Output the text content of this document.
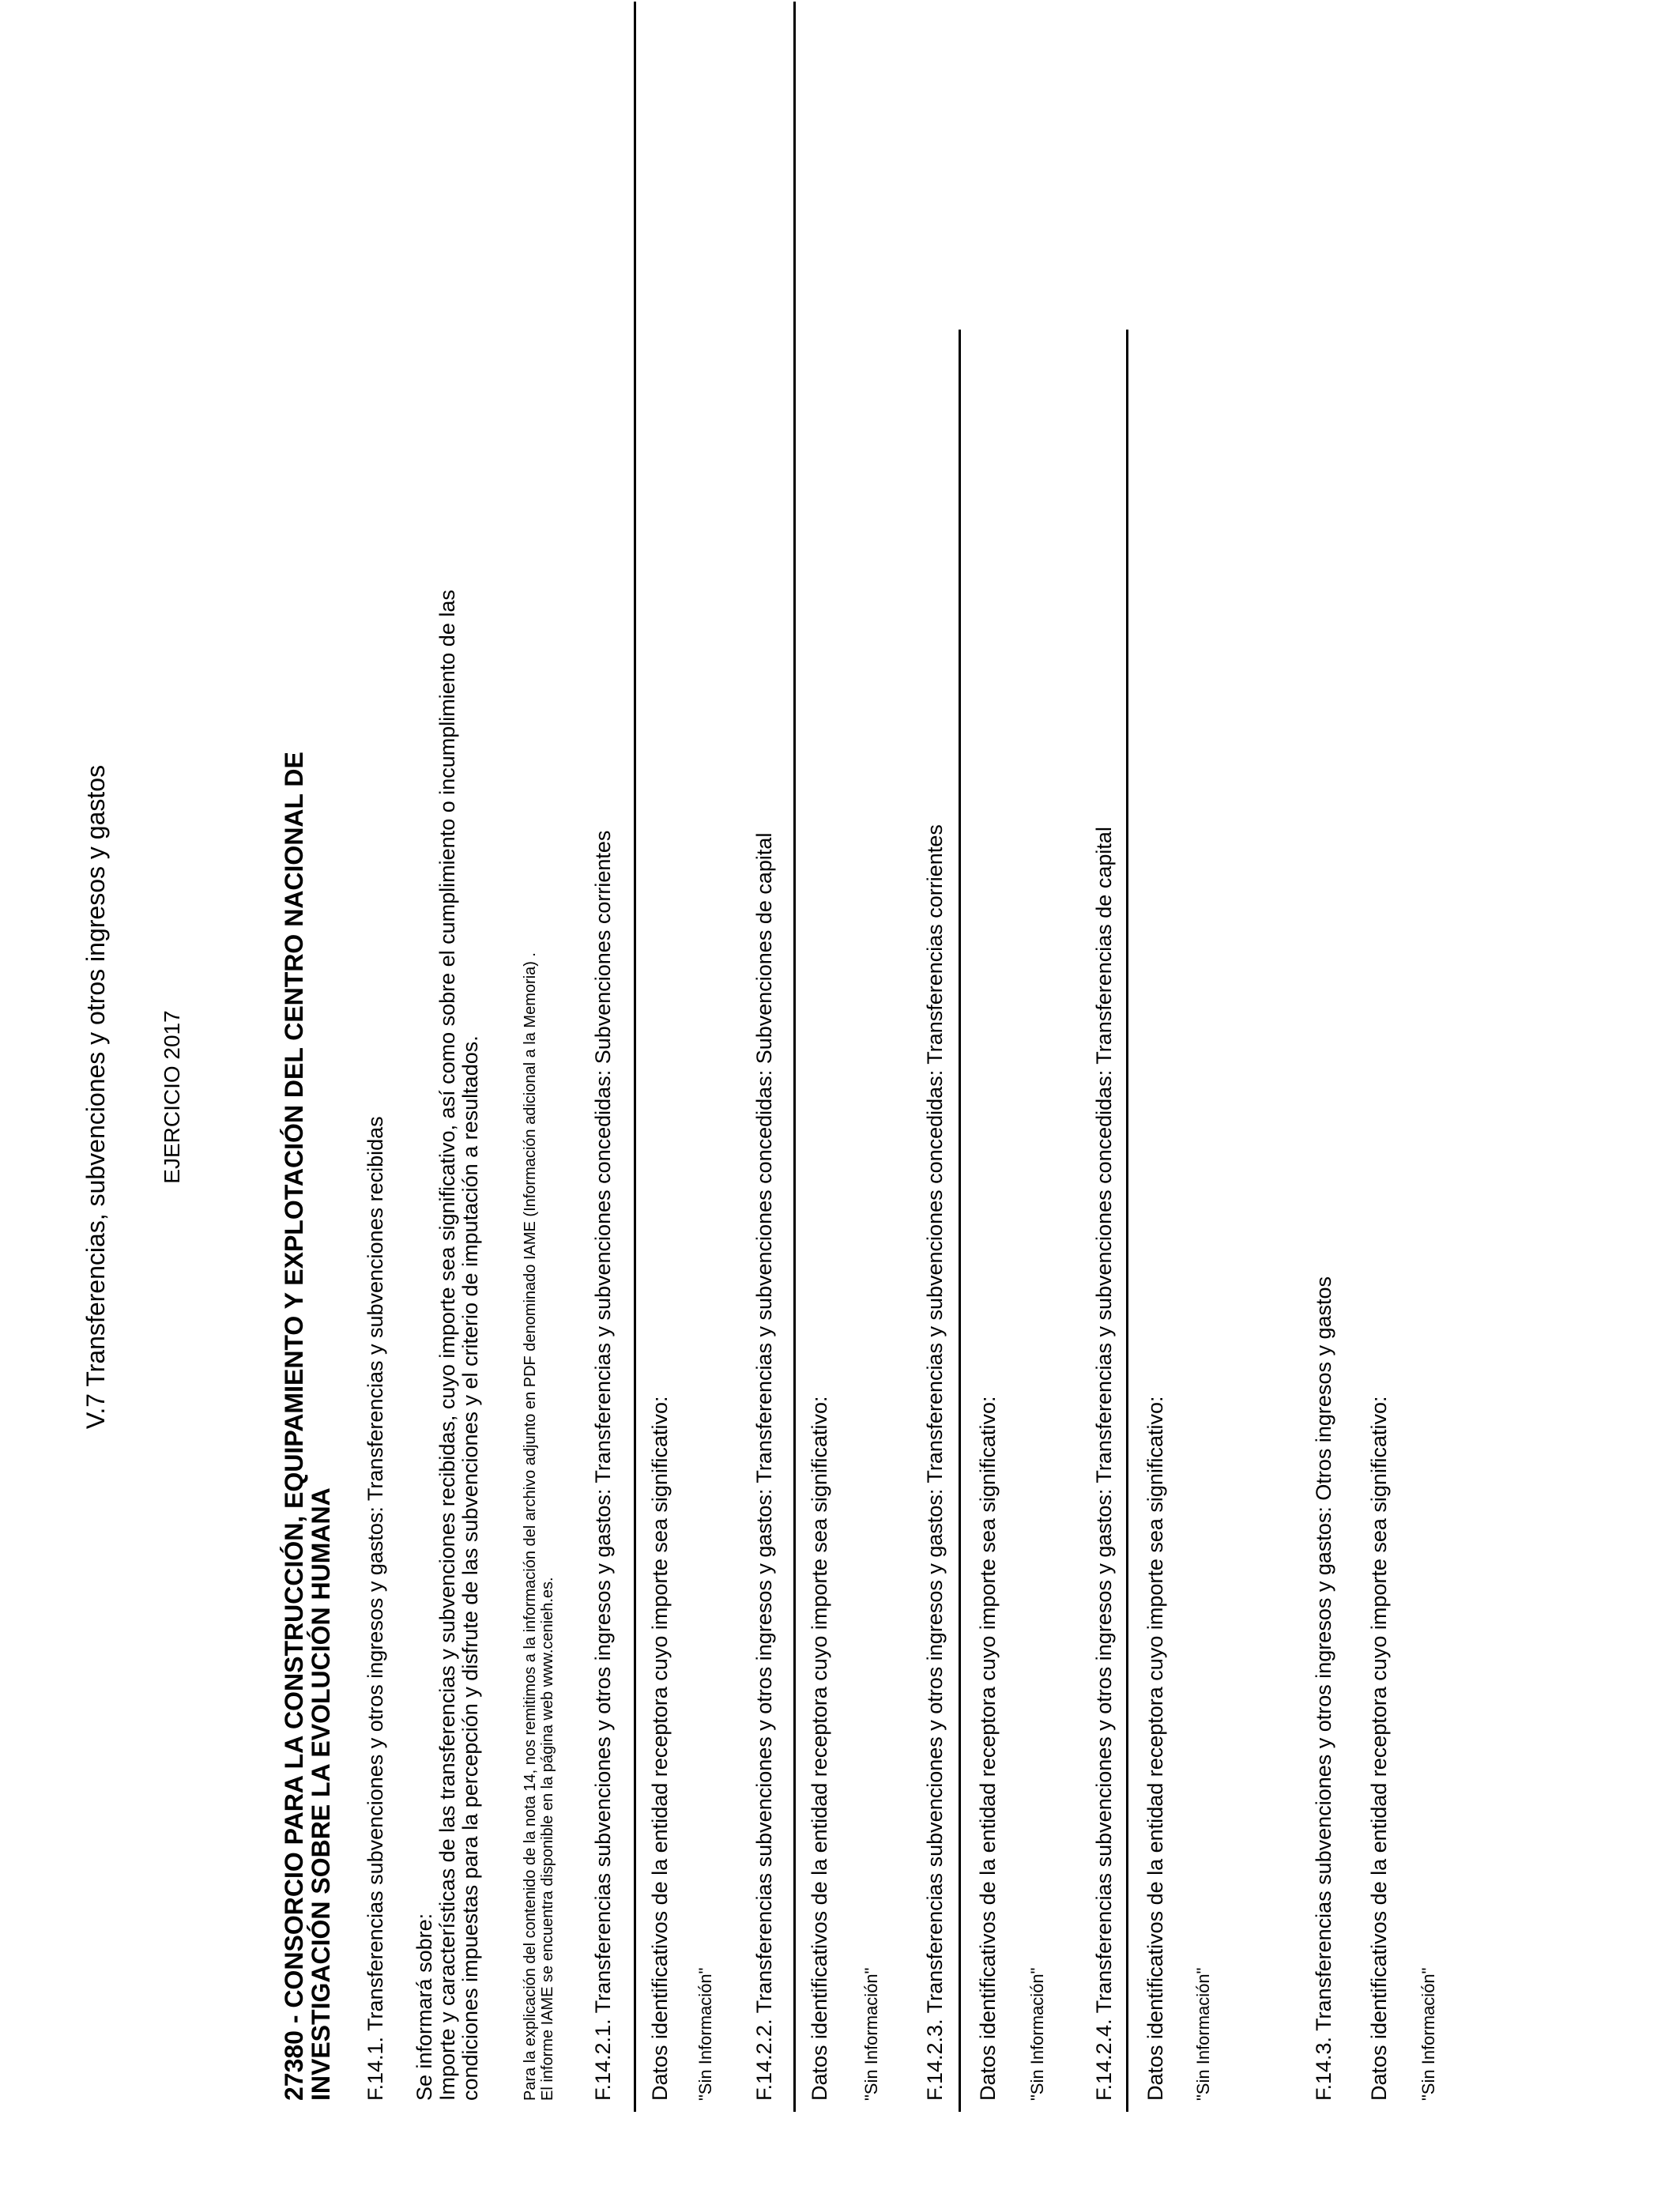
V.7 Transferencias, subvenciones y otros ingresos y gastos EJERCICIO 2017	27380 - CONSORCIO PARA LA CONSTRUCCIÓN, EQUIPAMIENTO Y EXPLOTACIÓN DEL CENTRO NACIONAL DE
INVESTIGACIÓN SOBRE LA EVOLUCIÓN HUMANA F.14.1. Transferencias subvenciones y otros ingresos y gastos: Transferencias y subvenciones recibidas Se informará sobre: Importe y características de las transferencias y subvenciones recibidas, cuyo importe sea significativo, así como sobre el cumplimiento o incumplimiento de las condiciones impuestas para la percepción y disfrute de las subvenciones y el criterio de imputación a resultados.	Para la explicación del contenido de la nota 14, nos remitimos a la información del archivo adjunto en PDF denominado IAME (Información adicional a la Memoria) . El informe IAME se encuentra disponible en la página web www.cenieh.es. F.14.2.1. Transferencias subvenciones y otros ingresos y gastos: Transferencias y subvenciones concedidas: Subvenciones corrientes Datos identificativos de la entidad receptora cuyo importe sea significativo: "Sin Información" F.14.2.2. Transferencias subvenciones y otros ingresos y gastos: Transferencias y subvenciones concedidas: Subvenciones de capital Datos identificativos de la entidad receptora cuyo importe sea significativo: "Sin Información" F.14.2.3. Transferencias subvenciones y otros ingresos y gastos: Transferencias y subvenciones concedidas: Transferencias corrientes Datos identificativos de la entidad receptora cuyo importe sea significativo: "Sin Información" F.14.2.4. Transferencias subvenciones y otros ingresos y gastos: Transferencias y subvenciones concedidas: Transferencias de capital Datos identificativos de la entidad receptora cuyo importe sea significativo: "Sin Información"	F.14.3. Transferencias subvenciones y otros ingresos y gastos: Otros ingresos y gastos Datos identificativos de la entidad receptora cuyo importe sea significativo: "Sin Información"
